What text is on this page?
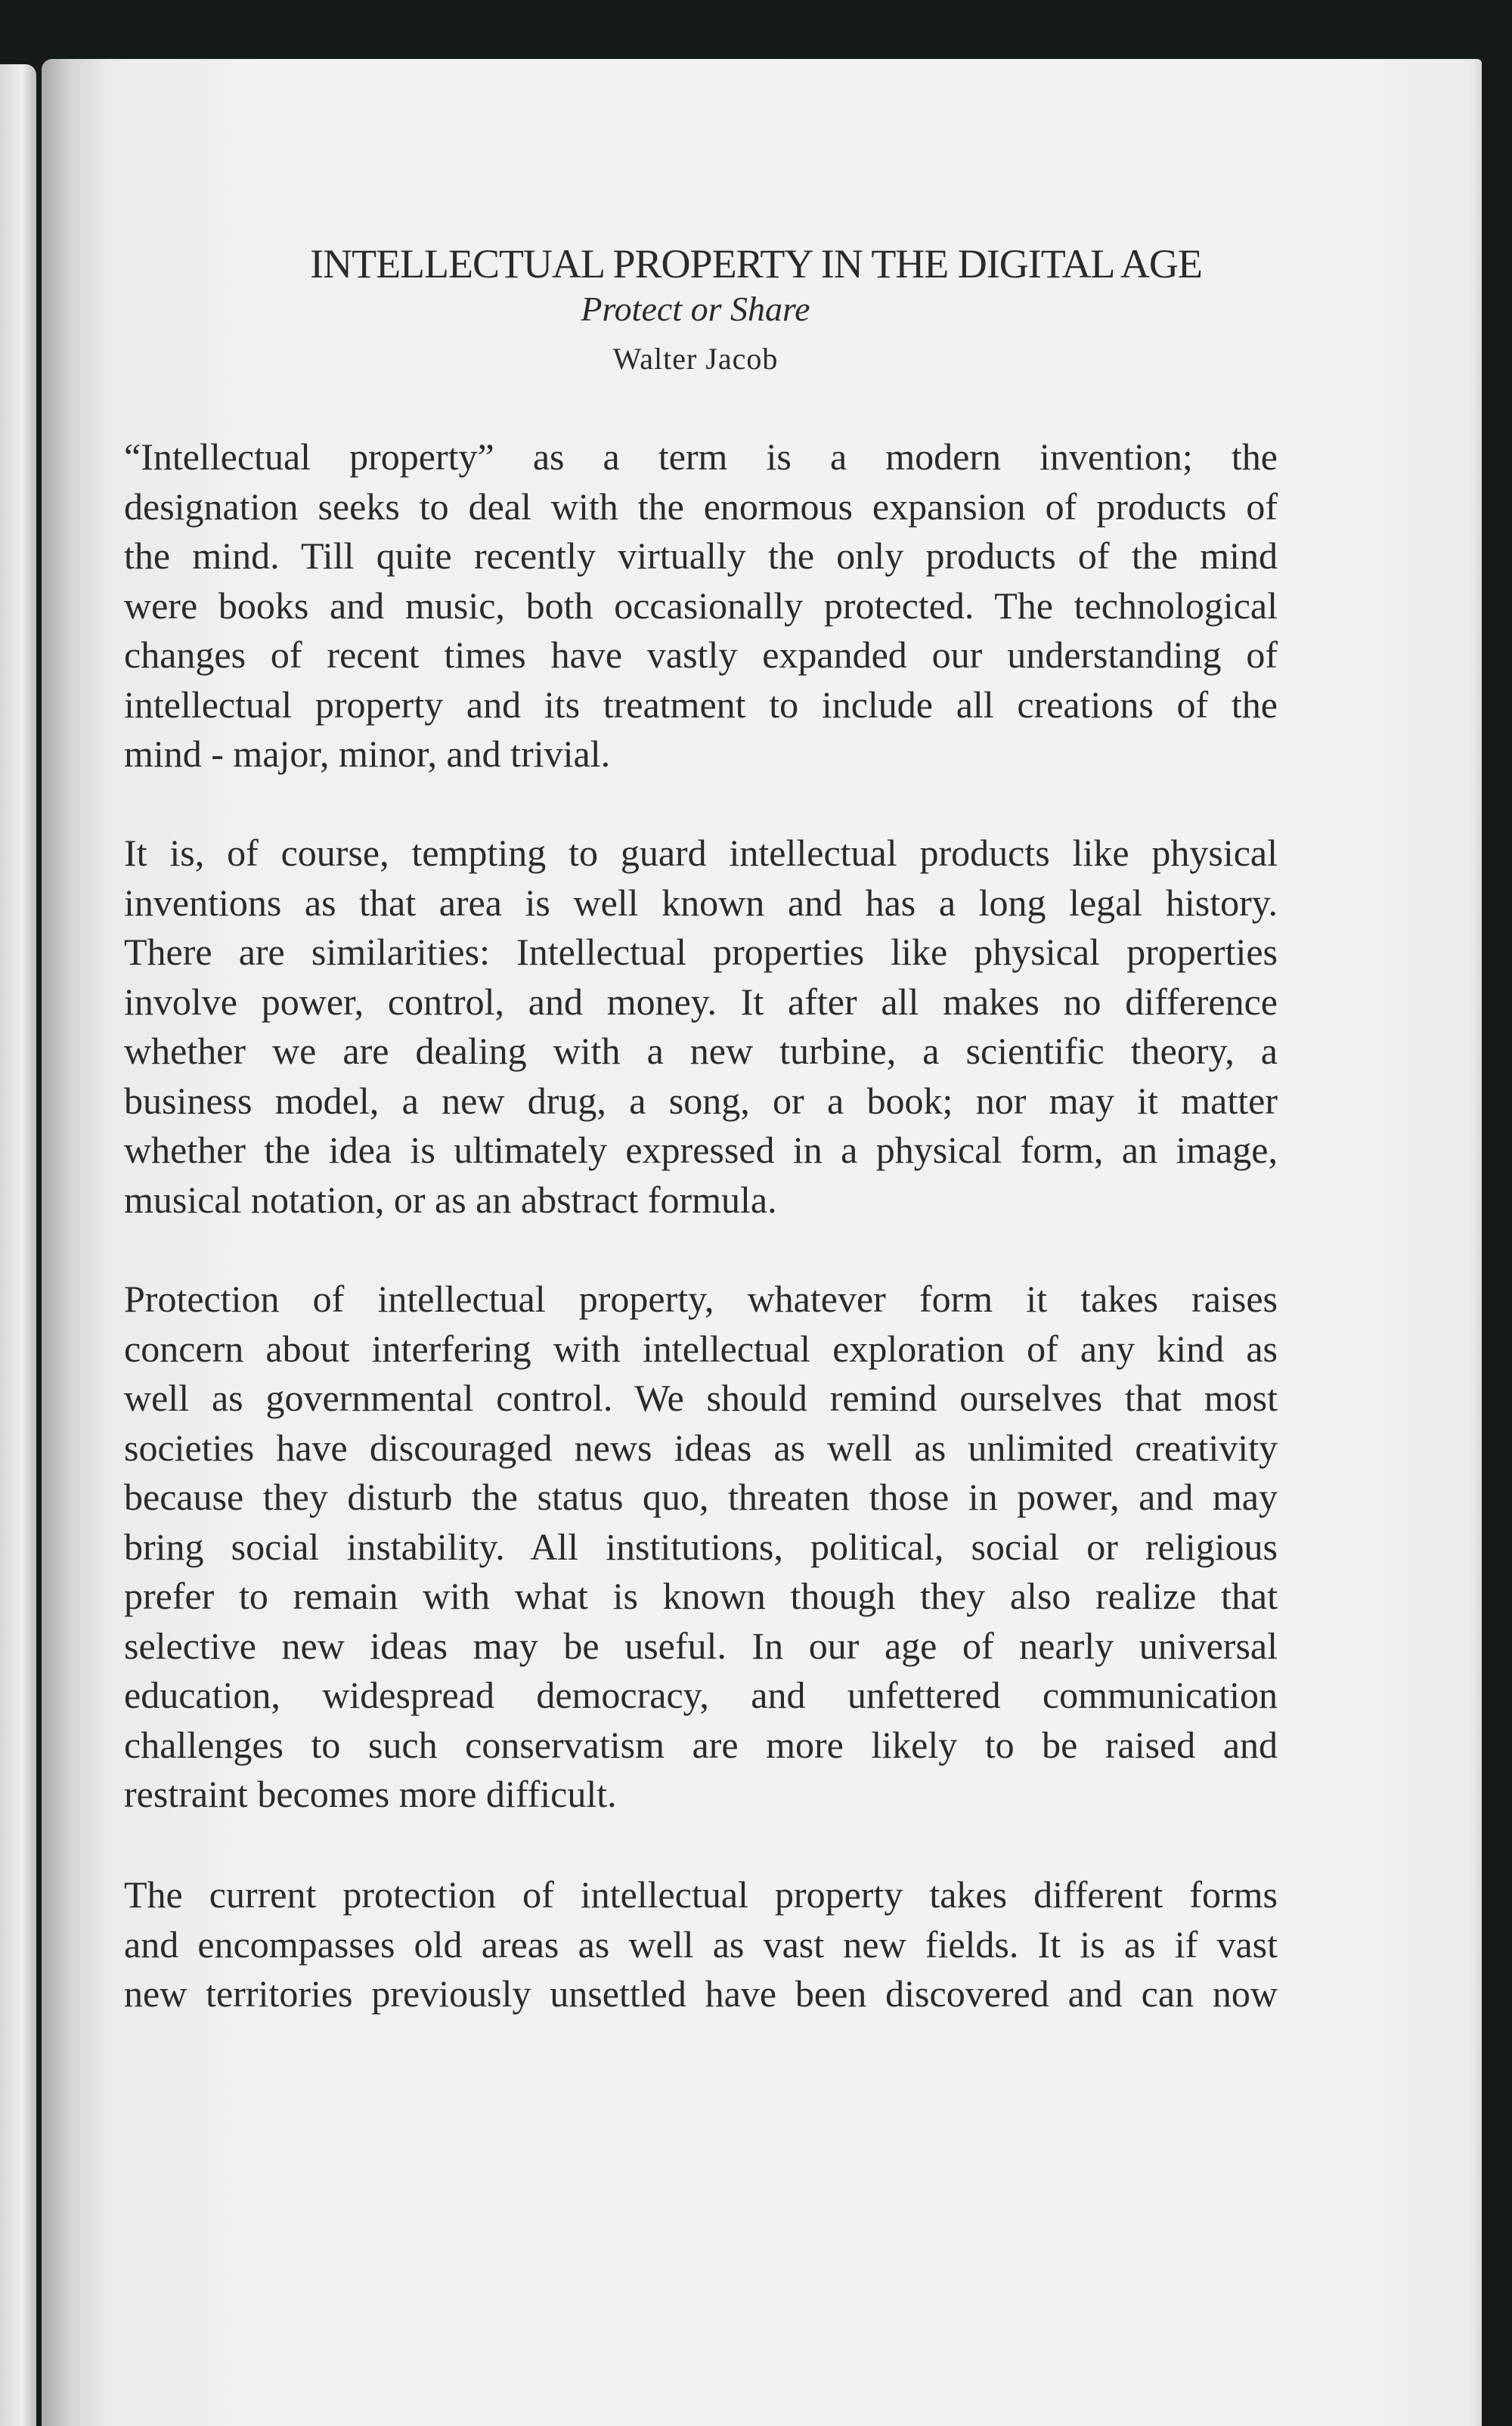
INTELLECTUAL PROPERTY IN THE DIGITAL AGE
Protect or Share
Walter Jacob
“Intellectual property” as a term is a modern invention; the
designation seeks to deal with the enormous expansion of products of
the mind. Till quite recently virtually the only products of the mind
were books and music, both occasionally protected. The technological
changes of recent times have vastly expanded our understanding of
intellectual property and its treatment to include all creations of the
mind - major, minor, and trivial.
It is, of course, tempting to guard intellectual products like physical
inventions as that area is well known and has a long legal history.
There are similarities: Intellectual properties like physical properties
involve power, control, and money. It after all makes no difference
whether we are dealing with a new turbine, a scientific theory, a
business model, a new drug, a song, or a book; nor may it matter
whether the idea is ultimately expressed in a physical form, an image,
musical notation, or as an abstract formula.
Protection of intellectual property, whatever form it takes raises
concern about interfering with intellectual exploration of any kind as
well as governmental control. We should remind ourselves that most
societies have discouraged news ideas as well as unlimited creativity
because they disturb the status quo, threaten those in power, and may
bring social instability. All institutions, political, social or religious
prefer to remain with what is known though they also realize that
selective new ideas may be useful. In our age of nearly universal
education, widespread democracy, and unfettered communication
challenges to such conservatism are more likely to be raised and
restraint becomes more difficult.
The current protection of intellectual property takes different forms
and encompasses old areas as well as vast new fields. It is as if vast
new territories previously unsettled have been discovered and can now
